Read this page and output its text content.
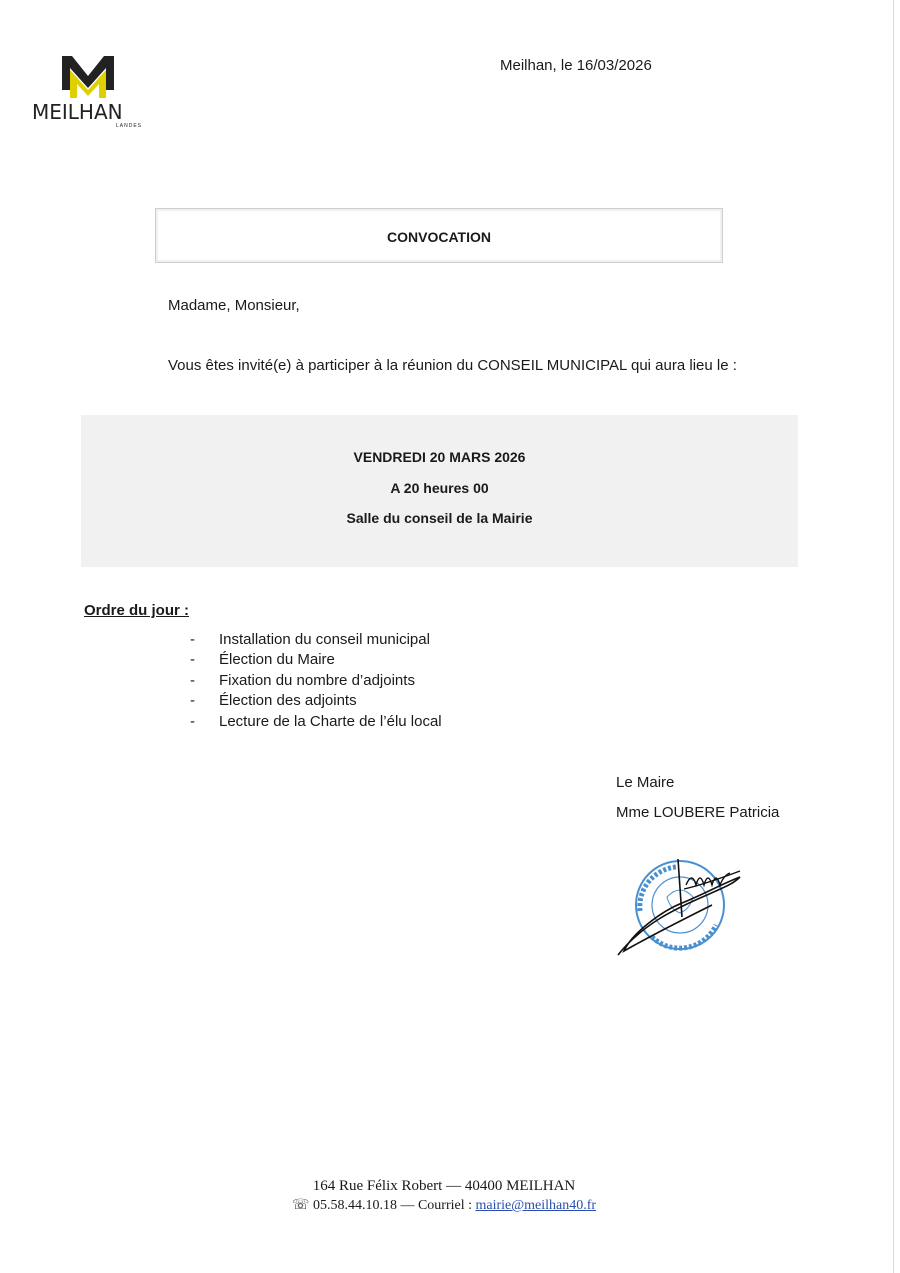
MEILHAN
LANDES
Meilhan, le 16/03/2026
CONVOCATION
Madame, Monsieur,
Vous êtes invité(e) à participer à la réunion du CONSEIL MUNICIPAL qui aura lieu le :
VENDREDI 20 MARS 2026
A 20 heures 00
Salle du conseil de la Mairie
Ordre du jour :
- Installation du conseil municipal
- Élection du Maire
- Fixation du nombre d’adjoints
- Élection des adjoints
- Lecture de la Charte de l’élu local
Le Maire
Mme LOUBERE Patricia
164 Rue Félix Robert — 40400 MEILHAN
☏ 05.58.44.10.18 — Courriel : mairie@meilhan40.fr
